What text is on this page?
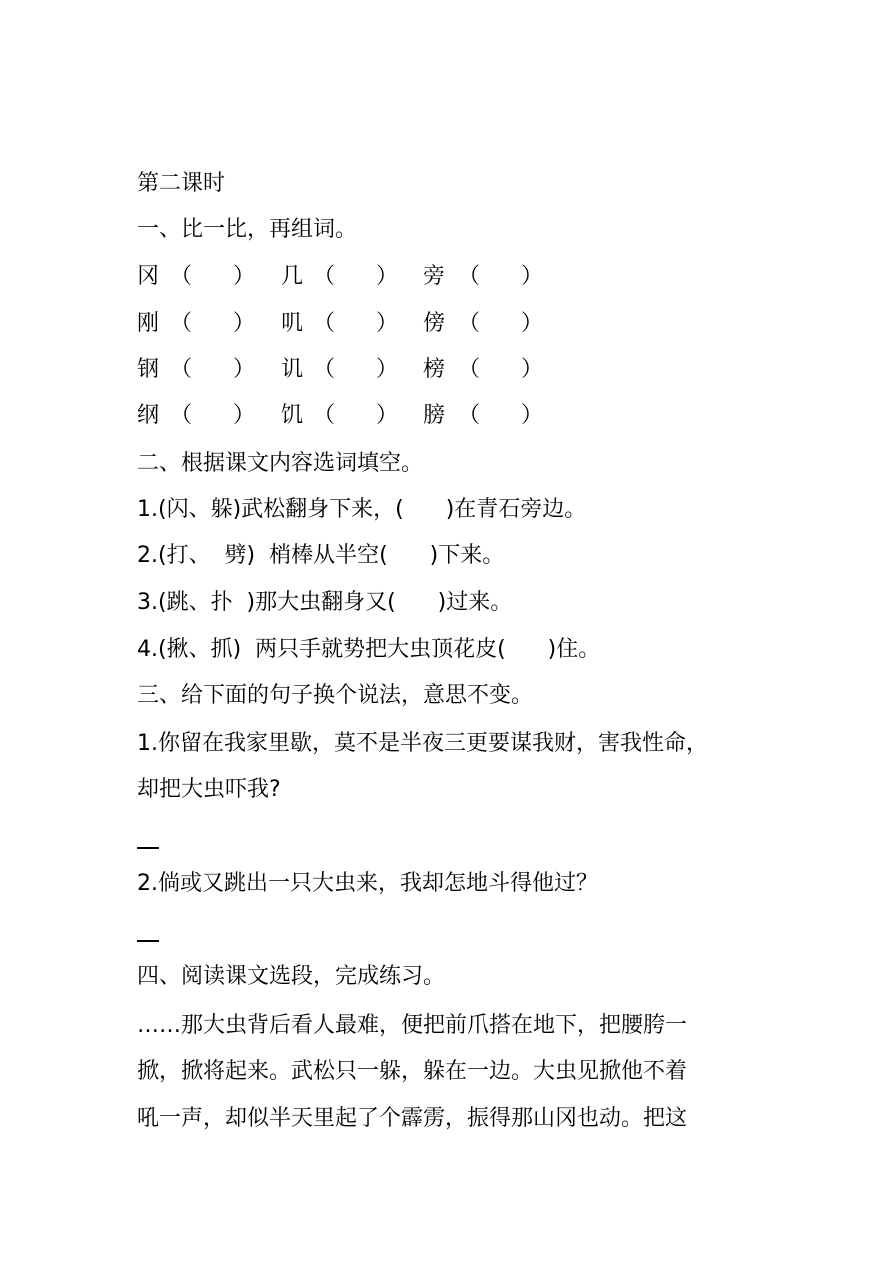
第二课时
一、比一比，再组词。
冈 （ ） 几 （ ） 旁 （ ）
刚 （ ） 叽 （ ） 傍 （ ）
钢 （ ） 讥 （ ） 榜 （ ）
纲 （ ） 饥 （ ） 膀 （ ）
二、根据课文内容选词填空。
1.(闪、躲)武松翻身下来，(      )在青石旁边。
2.(打、  劈)  梢棒从半空(      )下来。
3.(跳、扑  )那大虫翻身又(      )过来。
4.(揪、抓)  两只手就势把大虫顶花皮(      )住。
三、给下面的句子换个说法，意思不变。
1.你留在我家里歇，莫不是半夜三更要谋我财，害我性命，
却把大虫吓我?
2.倘或又跳出一只大虫来，我却怎地斗得他过？
四、阅读课文选段，完成练习。
……那大虫背后看人最难，便把前爪搭在地下，把腰胯一
掀，掀将起来。武松只一躲，躲在一边。大虫见掀他不着
吼一声，却似半天里起了个霹雳，振得那山冈也动。把这
